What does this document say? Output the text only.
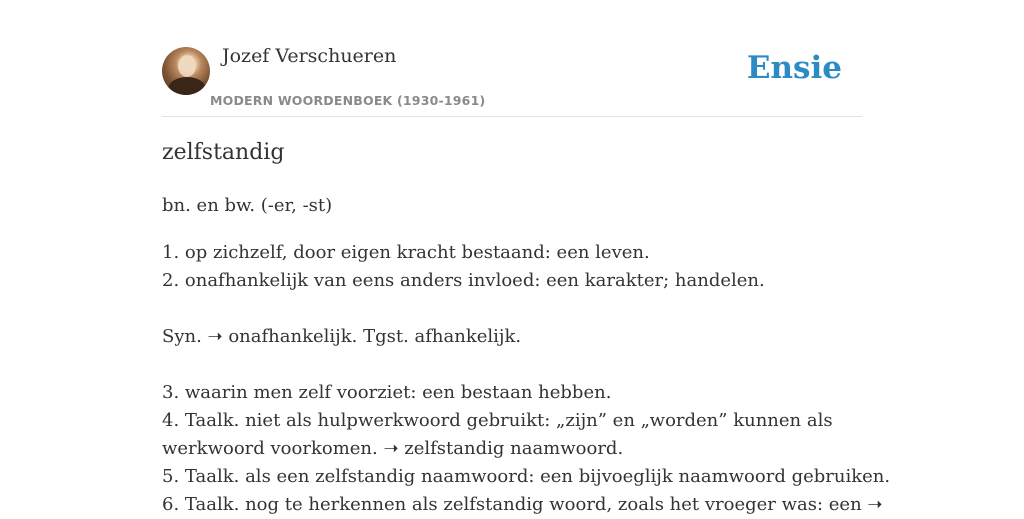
Jozef Verschueren
MODERN WOORDENBOEK (1930-1961)
Ensie
zelfstandig
bn. en bw. (-er, -st)
1. op zichzelf, door eigen kracht bestaand: een leven.
2. onafhankelijk van eens anders invloed: een karakter; handelen.
Syn. ➝ onafhankelijk. Tgst. afhankelijk.
3. waarin men zelf voorziet: een bestaan hebben.
4. Taalk. niet als hulpwerkwoord gebruikt: „zijn” en „worden” kunnen als
werkwoord voorkomen. ➝ zelfstandig naamwoord.
5. Taalk. als een zelfstandig naamwoord: een bijvoeglijk naamwoord gebruiken.
6. Taalk. nog te herkennen als zelfstandig woord, zoals het vroeger was: een ➝
